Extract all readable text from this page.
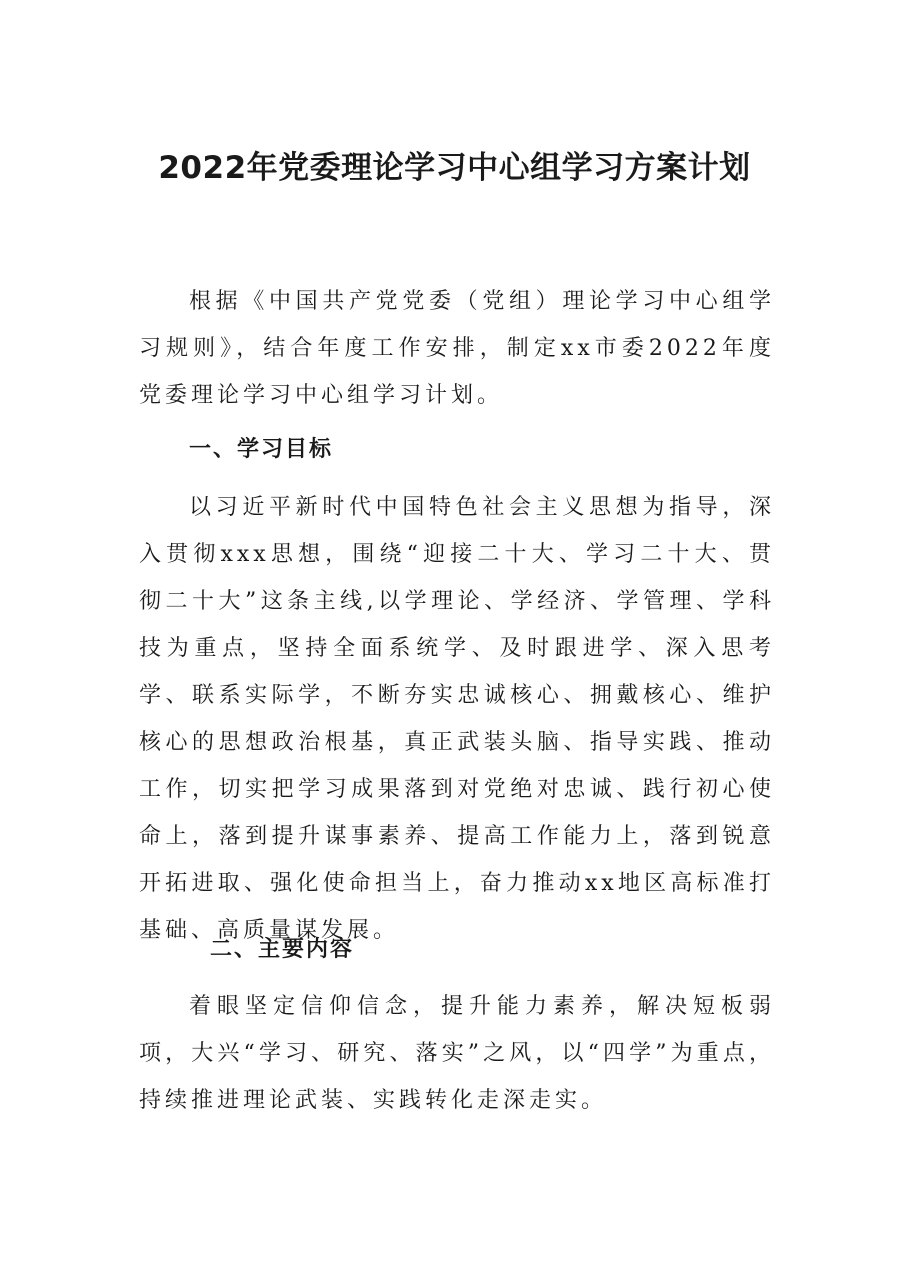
2022年党委理论学习中心组学习方案计划

根据《中国共产党党委（党组）理论学习中心组学习规则》，结合年度工作安排，制定xx市委2022年度党委理论学习中心组学习计划。

一、学习目标

以习近平新时代中国特色社会主义思想为指导，深入贯彻xxx思想，围绕“迎接二十大、学习二十大、贯彻二十大”这条主线,以学理论、学经济、学管理、学科技为重点，坚持全面系统学、及时跟进学、深入思考学、联系实际学，不断夯实忠诚核心、拥戴核心、维护核心的思想政治根基，真正武装头脑、指导实践、推动工作，切实把学习成果落到对党绝对忠诚、践行初心使命上，落到提升谋事素养、提高工作能力上，落到锐意开拓进取、强化使命担当上，奋力推动xx地区高标准打基础、高质量谋发展。

二、主要内容

着眼坚定信仰信念，提升能力素养，解决短板弱项，大兴“学习、研究、落实”之风，以“四学”为重点，持续推进理论武装、实践转化走深走实。
